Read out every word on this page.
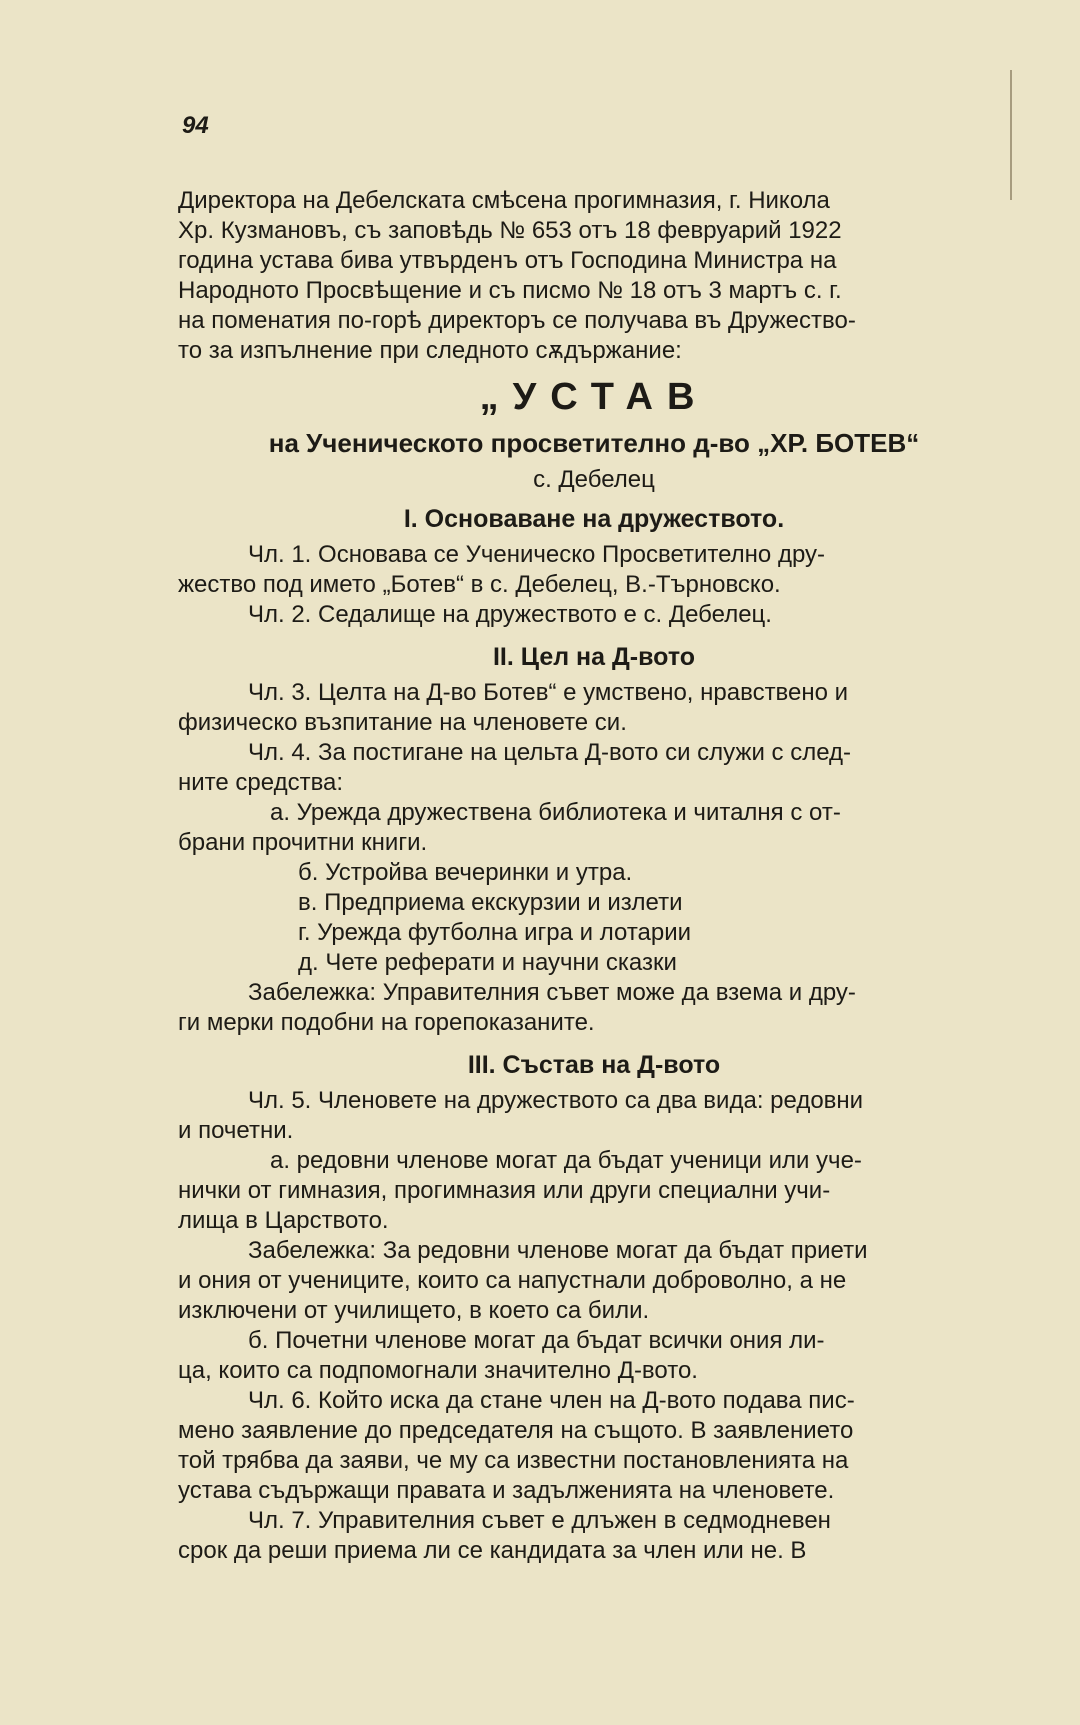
94

Директора на Дебелската смѣсена прогимназия, г. Никола

Хр. Кузмановъ, съ заповѣдь № 653 отъ 18 февруарий 1922

година устава бива утвърденъ отъ Господина Министра на

Народното Просвѣщение и съ писмо № 18 отъ 3 мартъ с. г.

на поменатия по-горѣ директоръ се получава въ Дружество-

то за изпълнение при следното сѫдържание:

„УСТАВ
на Ученическото просветително д-во „ХР. БОТЕВ“
с. Дебелец
I. Основаване на дружеството.

Чл. 1. Основава се Ученическо Просветително дру-

жество под името „Ботев“ в с. Дебелец, В.-Търновско.

Чл. 2. Седалище на дружеството е с. Дебелец.

II. Цел на Д-вото

Чл. 3. Целта на Д-во Ботев“ е умствено, нравствено и

физическо възпитание на членовете си.

Чл. 4. За постигане на цельта Д-вото си служи с след-

ните средства:

а. Урежда дружествена библиотека и читалня с от-

брани прочитни книги.

б. Устройва вечеринки и утра.

в. Предприема екскурзии и излети

г. Урежда футболна игра и лотарии

д. Чете реферати и научни сказки

Забележка: Управителния съвет може да взема и дру-

ги мерки подобни на горепоказаните.

III. Състав на Д-вото

Чл. 5. Членовете на дружеството са два вида: редовни

и почетни.

а. редовни членове могат да бъдат ученици или уче-

нички от гимназия, прогимназия или други специални учи-

лища в Царството.

Забележка: За редовни членове могат да бъдат приети

и ония от учениците, които са напустнали доброволно, а не

изключени от училището, в което са били.

б. Почетни членове могат да бъдат всички ония ли-

ца, които са подпомогнали значително Д-вото.

Чл. 6. Който иска да стане член на Д-вото подава пис-

мено заявление до председателя на същото. В заявлението

той трябва да заяви, че му са известни постановленията на

устава съдържащи правата и задълженията на членовете.

Чл. 7. Управителния съвет е длъжен в седмодневен

срок да реши приема ли се кандидата за член или не. В
